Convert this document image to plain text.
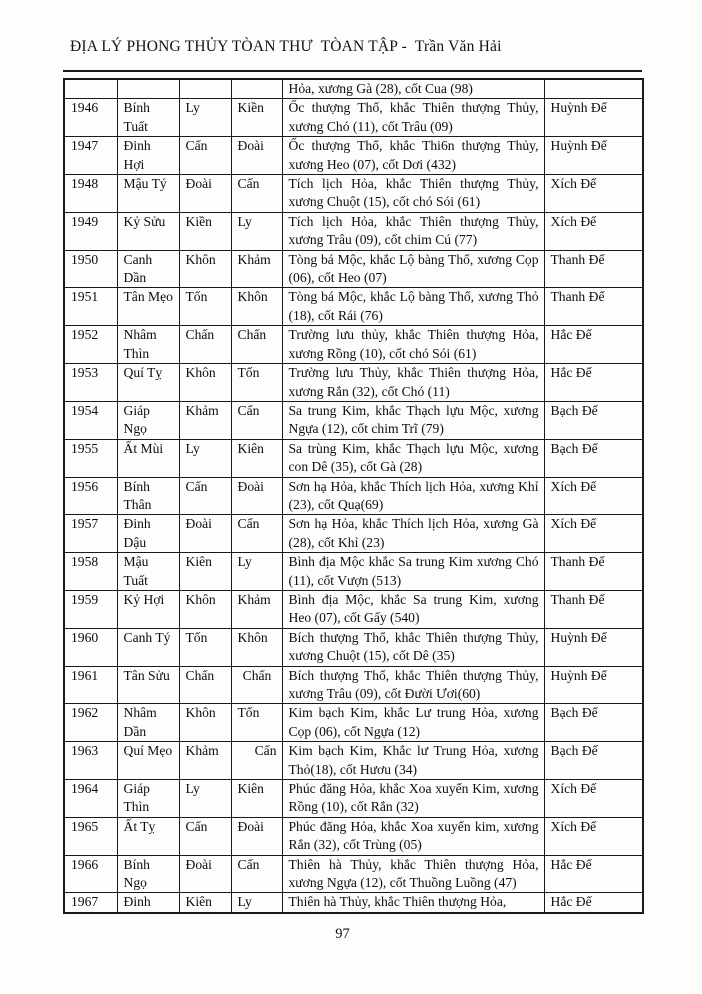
ĐỊA LÝ PHONG THỦY TÒAN THƯ  TÒAN TẬP -  Trần Văn Hải
				Hỏa, xương Gà (28), cốt Cua (98)	
1946	Bính Tuất	Ly	Kiền	Ốc thượng Thổ, khắc Thiên thượng Thủy, xương Chó (11), cốt Trâu (09)	Huỳnh Đế
1947	Đinh Hợi	Cấn	Đoài	Ốc thượng Thổ, khắc Thi6n thượng Thủy, xương Heo (07), cốt Dơi (432)	Huỳnh Đế
1948	Mậu Tý	Đoài	Cấn	Tích lịch Hỏa, khắc Thiên thượng Thủy, xương Chuột (15), cốt chó Sói (61)	Xích Đế
1949	Kỷ Sửu	Kiền	Ly	Tích lịch Hỏa, khắc Thiên thượng Thủy, xương Trâu (09), cốt chim Cú (77)	Xích Đế
1950	Canh Dần	Khôn	Khảm	Tòng bá Mộc, khắc Lộ bàng Thổ, xương Cọp (06), cốt Heo (07)	Thanh Đế
1951	Tân Mẹo	Tốn	Khôn	Tòng bá Mộc, khắc Lộ bàng Thổ, xương Thỏ (18), cốt Rái (76)	Thanh Đế
1952	Nhâm Thìn	Chấn	Chấn	Trường lưu thủy, khắc Thiên thượng Hỏa, xương Rồng (10), cốt chó Sói (61)	Hắc Đế
1953	Quí Tỵ	Khôn	Tốn	Trường lưu Thủy, khắc Thiên thượng Hỏa, xương Rắn (32), cốt Chó (11)	Hắc Đế
1954	Giáp Ngọ	Khảm	Cấn	Sa trung Kim, khắc Thạch lựu Mộc, xương Ngựa (12), cốt chim Trĩ (79)	Bạch Đế
1955	Ất Mùi	Ly	Kiên	Sa trùng Kim, khắc Thạch lựu Mộc, xương con Dê (35), cốt Gà (28)	Bạch Đế
1956	Bính Thân	Cấn	Đoài	Sơn hạ Hỏa, khắc Thích lịch Hỏa, xương Khỉ (23), cốt Quạ(69)	Xích Đế
1957	Đinh Dậu	Đoài	Cấn	Sơn hạ Hỏa, khắc Thích lịch Hỏa, xương Gà (28), cốt Khỉ (23)	Xích Đế
1958	Mậu Tuất	Kiên	Ly	Bình địa Mộc khắc Sa trung Kim xương Chó (11), cốt Vượn (513)	Thanh Đế
1959	Kỷ Hợi	Khôn	Khảm	Bình địa Mộc, khắc Sa trung Kim, xương Heo (07), cốt Gấy (540)	Thanh Đế
1960	Canh Tý	Tốn	Khôn	Bích thượng Thổ, khắc Thiên thượng Thủy, xương Chuột (15), cốt Dê (35)	Huỳnh Đế
1961	Tân Sửu	Chấn	Chấn	Bích thượng Thổ, khắc Thiên thượng Thủy, xương Trâu (09), cốt Đười Ươi(60)	Huỳnh Đế
1962	Nhâm Dần	Khôn	Tốn	Kim bạch Kim, khắc Lư trung Hỏa, xương Cọp (06), cốt Ngựa (12)	Bạch Đế
1963	Quí Mẹo	Khảm	Cấn	Kim bạch Kim, Khắc lư Trung Hỏa, xương Thỏ(18), cốt Hươu (34)	Bạch Đế
1964	Giáp Thìn	Ly	Kiên	Phúc đăng Hỏa, khắc Xoa xuyến Kim, xương Rồng (10), cốt Rắn (32)	Xích Đế
1965	Ất Tỵ	Cấn	Đoài	Phúc đăng Hỏa, khắc Xoa xuyến kim, xương Rắn (32), cốt Trùng (05)	Xích Đế
1966	Bính Ngọ	Đoài	Cấn	Thiên hà Thủy, khắc Thiên thượng Hỏa, xương Ngựa (12), cốt Thuồng Luồng (47)	Hắc Đế
1967	Đinh	Kiên	Ly	Thiên hà Thủy, khắc Thiên thượng Hỏa,	Hắc Đế
97
